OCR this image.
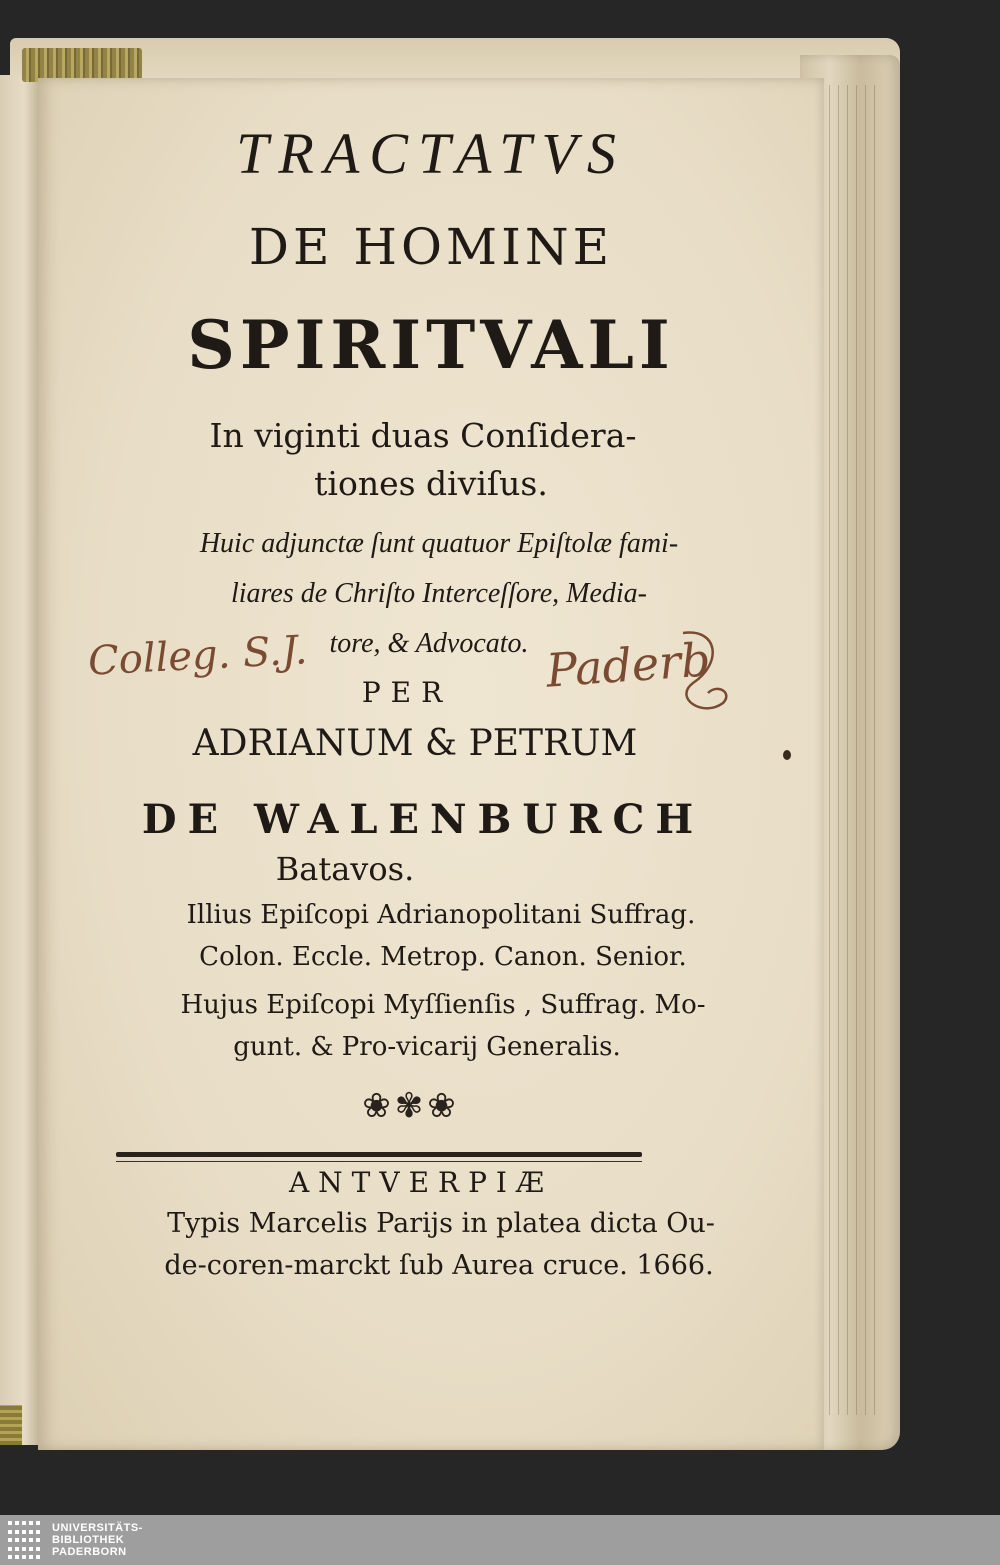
TRACTATVS
DE HOMINE
SPIRITVALI
In viginti duas Conſidera-
tiones diviſus.
Huic adjunctæ ſunt quatuor Epiſtolæ fami-
liares de Chriſto Interceſſore, Media-
tore, & Advocato.
Colleg. S.J.	Paderb
PER
ADRIANUM & PETRUM
DE WALENBURCH
Batavos.
Illius Epiſcopi Adrianopolitani Suffrag.
Colon. Eccle. Metrop. Canon. Senior.
Hujus Epiſcopi Myſſienſis , Suffrag. Mo-
gunt. & Pro-vicarij Generalis.
❀✾❀
ANTVERPIÆ
Typis Marcelis Parijs in platea dicta Ou-
de-coren-marckt ſub Aurea cruce. 1666.
UNIVERSITÄTS-
BIBLIOTHEK
PADERBORN
